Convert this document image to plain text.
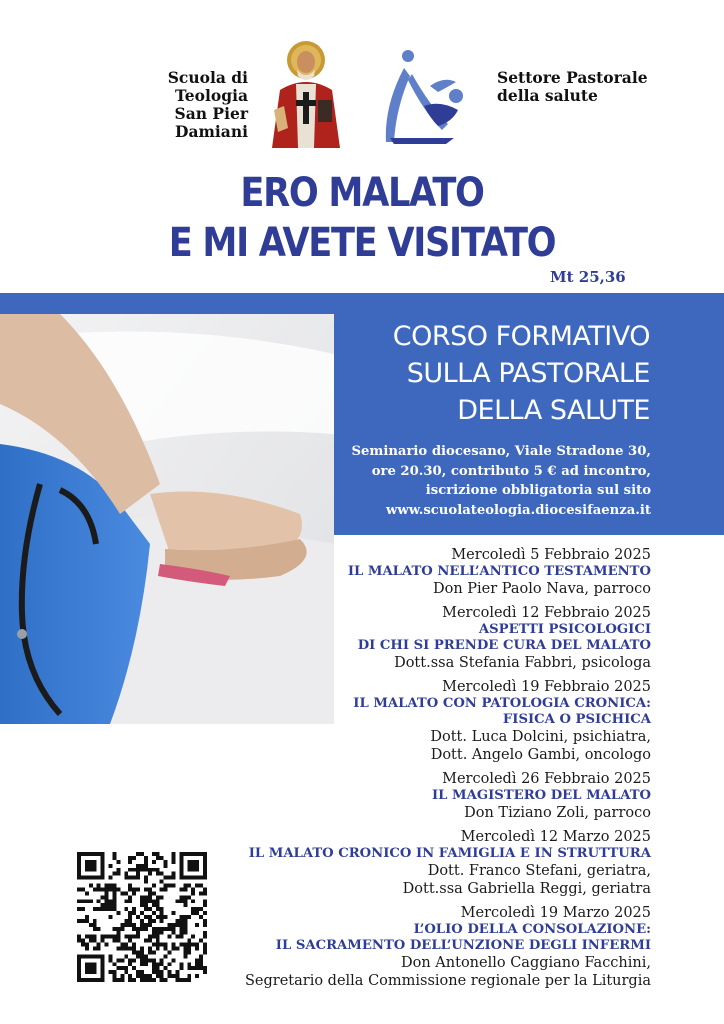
Scuola di Teologia
San Pier Damiani
Settore Pastorale
della salute
ERO MALATO
E MI AVETE VISITATO
Mt 25,36
CORSO FORMATIVO
SULLA PASTORALE
DELLA SALUTE
Seminario diocesano, Viale Stradone 30,
ore 20.30, contributo 5 € ad incontro,
iscrizione obbligatoria sul sito
www.scuolateologia.diocesifaenza.it
Mercoledì 5 Febbraio 2025
IL MALATO NELL’ANTICO TESTAMENTO
Don Pier Paolo Nava, parroco
Mercoledì 12 Febbraio 2025
ASPETTI PSICOLOGICI
DI CHI SI PRENDE CURA DEL MALATO
Dott.ssa Stefania Fabbri, psicologa
Mercoledì 19 Febbraio 2025
IL MALATO CON PATOLOGIA CRONICA:
FISICA O PSICHICA
Dott. Luca Dolcini, psichiatra,
Dott. Angelo Gambi, oncologo
Mercoledì 26 Febbraio 2025
IL MAGISTERO DEL MALATO
Don Tiziano Zoli, parroco
Mercoledì 12 Marzo 2025
IL MALATO CRONICO IN FAMIGLIA E IN STRUTTURA
Dott. Franco Stefani, geriatra,
Dott.ssa Gabriella Reggi, geriatra
Mercoledì 19 Marzo 2025
L’OLIO DELLA CONSOLAZIONE:
IL SACRAMENTO DELL’UNZIONE DEGLI INFERMI
Don Antonello Caggiano Facchini,
Segretario della Commissione regionale per la Liturgia
